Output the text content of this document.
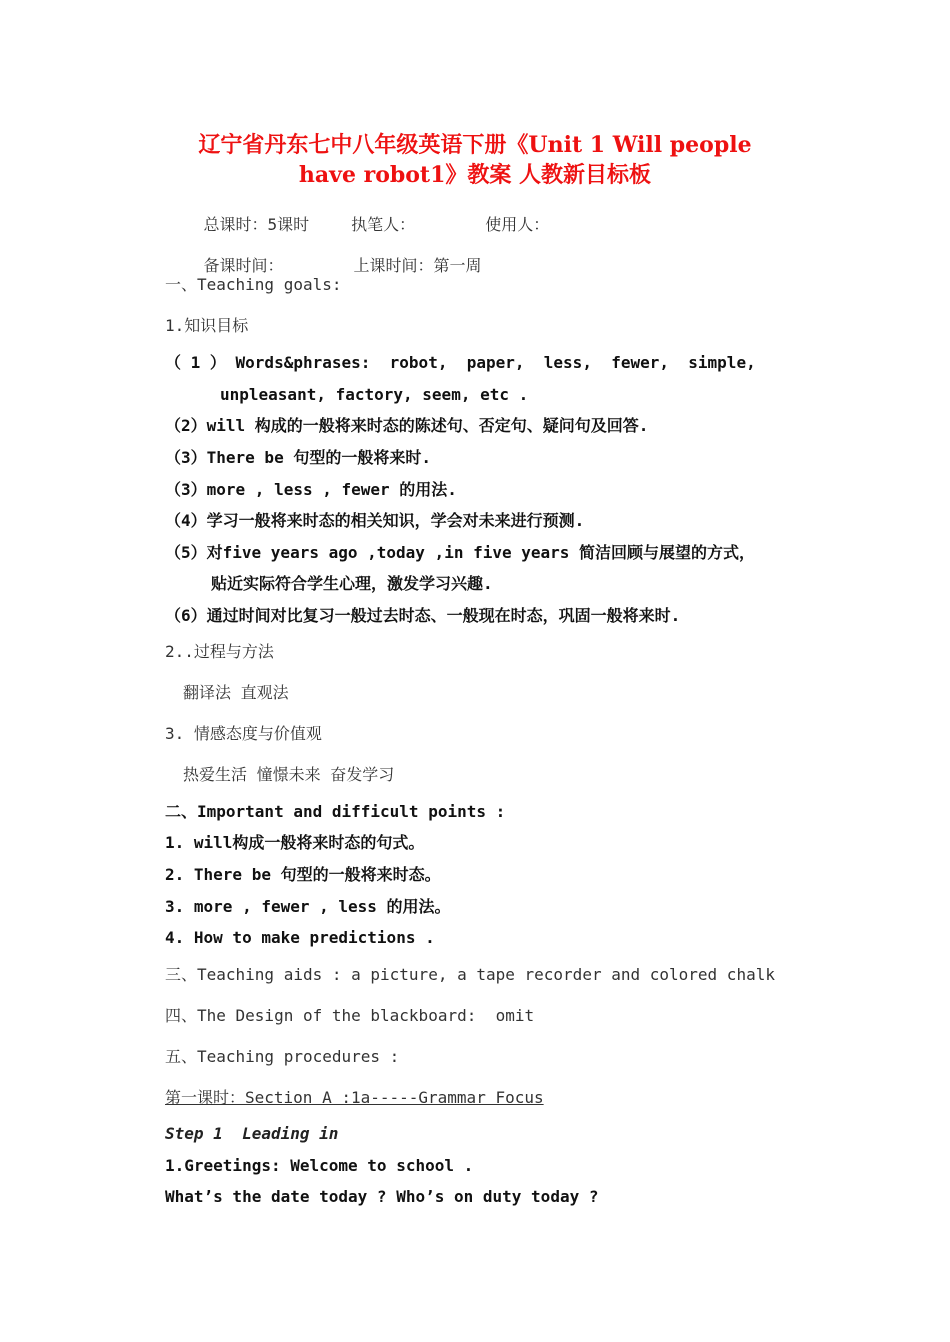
辽宁省丹东七中八年级英语下册《Unit 1 Will people
have robot1》教案 人教新目标板

总课时：5课时	执笔人：	使用人：

备课时间：	上课时间：第一周

一、Teaching goals:
1.知识目标
（ 1 ） Words&phrases:  robot,  paper,  less,  fewer,  simple,
unpleasant, factory, seem, etc .
（2）will 构成的一般将来时态的陈述句、否定句、疑问句及回答.
（3）There be 句型的一般将来时.
（3）more , less , fewer 的用法.
（4）学习一般将来时态的相关知识，学会对未来进行预测.
（5）对five years ago ,today ,in five years 简洁回顾与展望的方式，
贴近实际符合学生心理，激发学习兴趣.
（6）通过时间对比复习一般过去时态、一般现在时态，巩固一般将来时.
2..过程与方法
翻译法 直观法
3. 情感态度与价值观
热爱生活 憧憬未来 奋发学习
二、Important and difficult points :
1. will构成一般将来时态的句式。
2. There be 句型的一般将来时态。
3. more , fewer , less 的用法。
4. How to make predictions .
三、Teaching aids : a picture, a tape recorder and colored chalk
四、The Design of the blackboard:  omit
五、Teaching procedures :
第一课时：Section A :1a-----Grammar Focus
Step 1  Leading in
1.Greetings: Welcome to school .
What’s the date today ? Who’s on duty today ?
